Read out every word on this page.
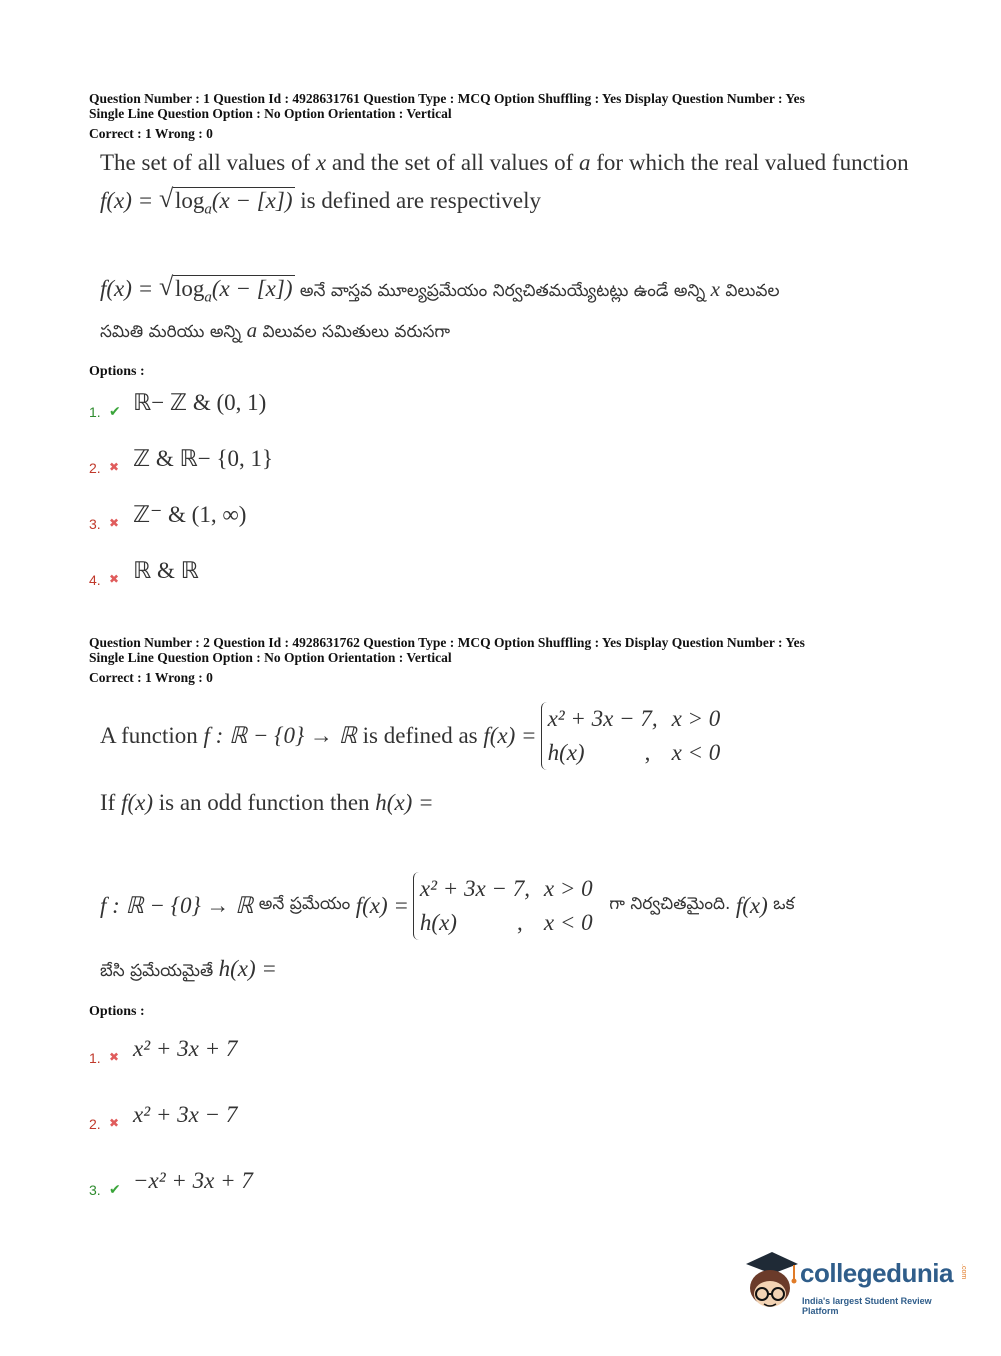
Question Number : 1 Question Id : 4928631761 Question Type : MCQ Option Shuffling : Yes Display Question Number : Yes
Single Line Question Option : No Option Orientation : Vertical
Correct : 1 Wrong : 0
The set of all values of x and the set of all values of a for which the real valued function
f(x) = √ $\log_a(x - [x])$ is defined are respectively
f(x) = √ $\log_a(x - [x])$ అనే వాస్తవ మూల్యప్రమేయం నిర్వచితమయ్యేటట్లు ఉండే అన్ని x విలువల
సమితి మరియు అన్ని a విలువల సమితులు వరుసగా
Options :
1. ✔ ℝ− ℤ & (0, 1)
2. ✖ ℤ & ℝ− {0, 1}
3. ✖ ℤ⁻ & (1, ∞)
4. ✖ ℝ & ℝ
Question Number : 2 Question Id : 4928631762 Question Type : MCQ Option Shuffling : Yes Display Question Number : Yes
Single Line Question Option : No Option Orientation : Vertical
Correct : 1 Wrong : 0
A function f : ℝ − {0} → ℝ is defined as f(x) =
x² + 3x − 7, x > 0
h(x)	, x < 0
If f(x) is an odd function then h(x) =
f : ℝ − {0} → ℝ అనే ప్రమేయం f(x) =
x² + 3x − 7, x > 0
h(x)	, x < 0
గా నిర్వచితమైంది. f(x) ఒక
బేసి ప్రమేయమైతే h(x) =
Options :
1. ✖ x² + 3x + 7
2. ✖ x² + 3x − 7
3. ✔ −x² + 3x + 7
collegedunia .com
India's largest Student Review Platform
